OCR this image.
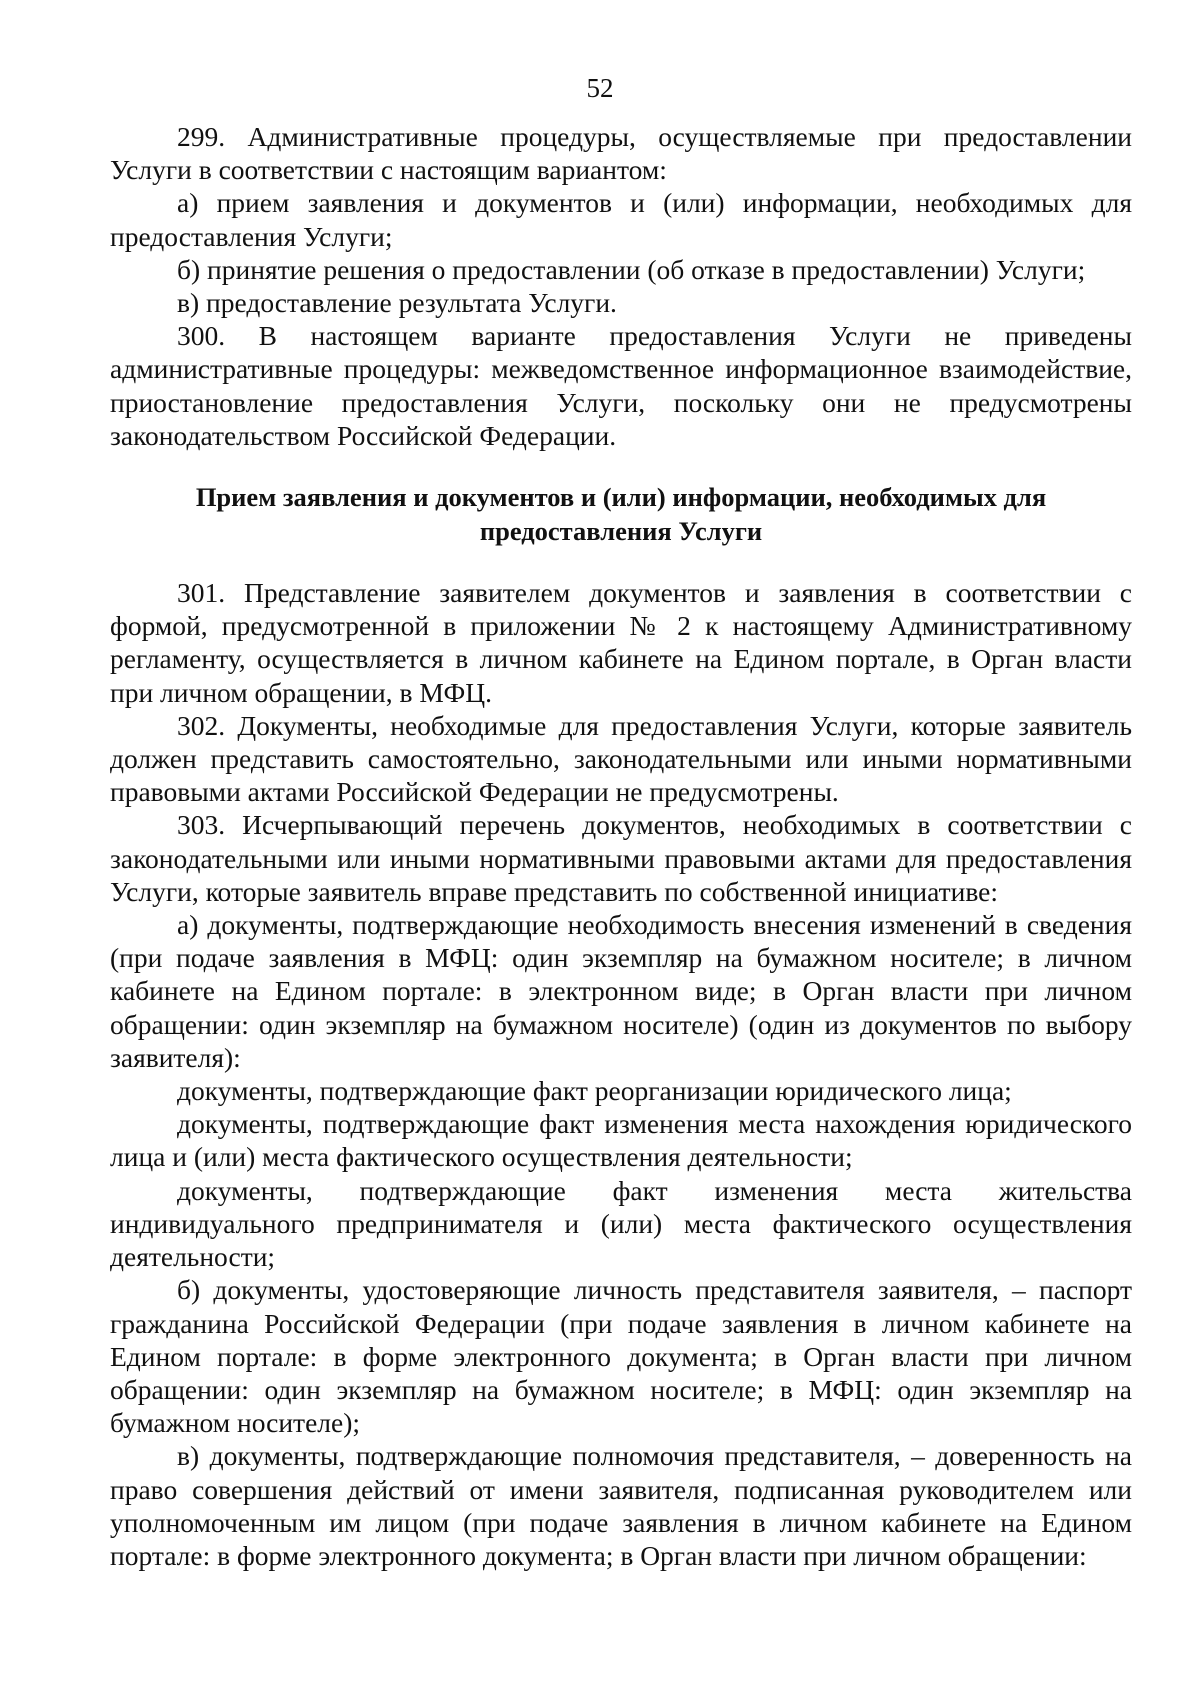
52

299. Административные процедуры, осуществляемые при предоставлении Услуги в соответствии с настоящим вариантом:

а) прием заявления и документов и (или) информации, необходимых для предоставления Услуги;

б) принятие решения о предоставлении (об отказе в предоставлении) Услуги;

в) предоставление результата Услуги.

300. В настоящем варианте предоставления Услуги не приведены административные процедуры: межведомственное информационное взаимодействие, приостановление предоставления Услуги, поскольку они не предусмотрены законодательством Российской Федерации.

Прием заявления и документов и (или) информации, необходимых для предоставления Услуги

301. Представление заявителем документов и заявления в соответствии с формой, предусмотренной в приложении № 2 к настоящему Административному регламенту, осуществляется в личном кабинете на Едином портале, в Орган власти при личном обращении, в МФЦ.

302. Документы, необходимые для предоставления Услуги, которые заявитель должен представить самостоятельно, законодательными или иными нормативными правовыми актами Российской Федерации не предусмотрены.

303. Исчерпывающий перечень документов, необходимых в соответствии с законодательными или иными нормативными правовыми актами для предоставления Услуги, которые заявитель вправе представить по собственной инициативе:

а) документы, подтверждающие необходимость внесения изменений в сведения (при подаче заявления в МФЦ: один экземпляр на бумажном носителе; в личном кабинете на Едином портале: в электронном виде; в Орган власти при личном обращении: один экземпляр на бумажном носителе) (один из документов по выбору заявителя):

документы, подтверждающие факт реорганизации юридического лица;

документы, подтверждающие факт изменения места нахождения юридического лица и (или) места фактического осуществления деятельности;

документы, подтверждающие факт изменения места жительства индивидуального предпринимателя и (или) места фактического осуществления деятельности;

б) документы, удостоверяющие личность представителя заявителя, – паспорт гражданина Российской Федерации (при подаче заявления в личном кабинете на Едином портале: в форме электронного документа; в Орган власти при личном обращении: один экземпляр на бумажном носителе; в МФЦ: один экземпляр на бумажном носителе);

в) документы, подтверждающие полномочия представителя, – доверенность на право совершения действий от имени заявителя, подписанная руководителем или уполномоченным им лицом (при подаче заявления в личном кабинете на Едином портале: в форме электронного документа; в Орган власти при личном обращении:
